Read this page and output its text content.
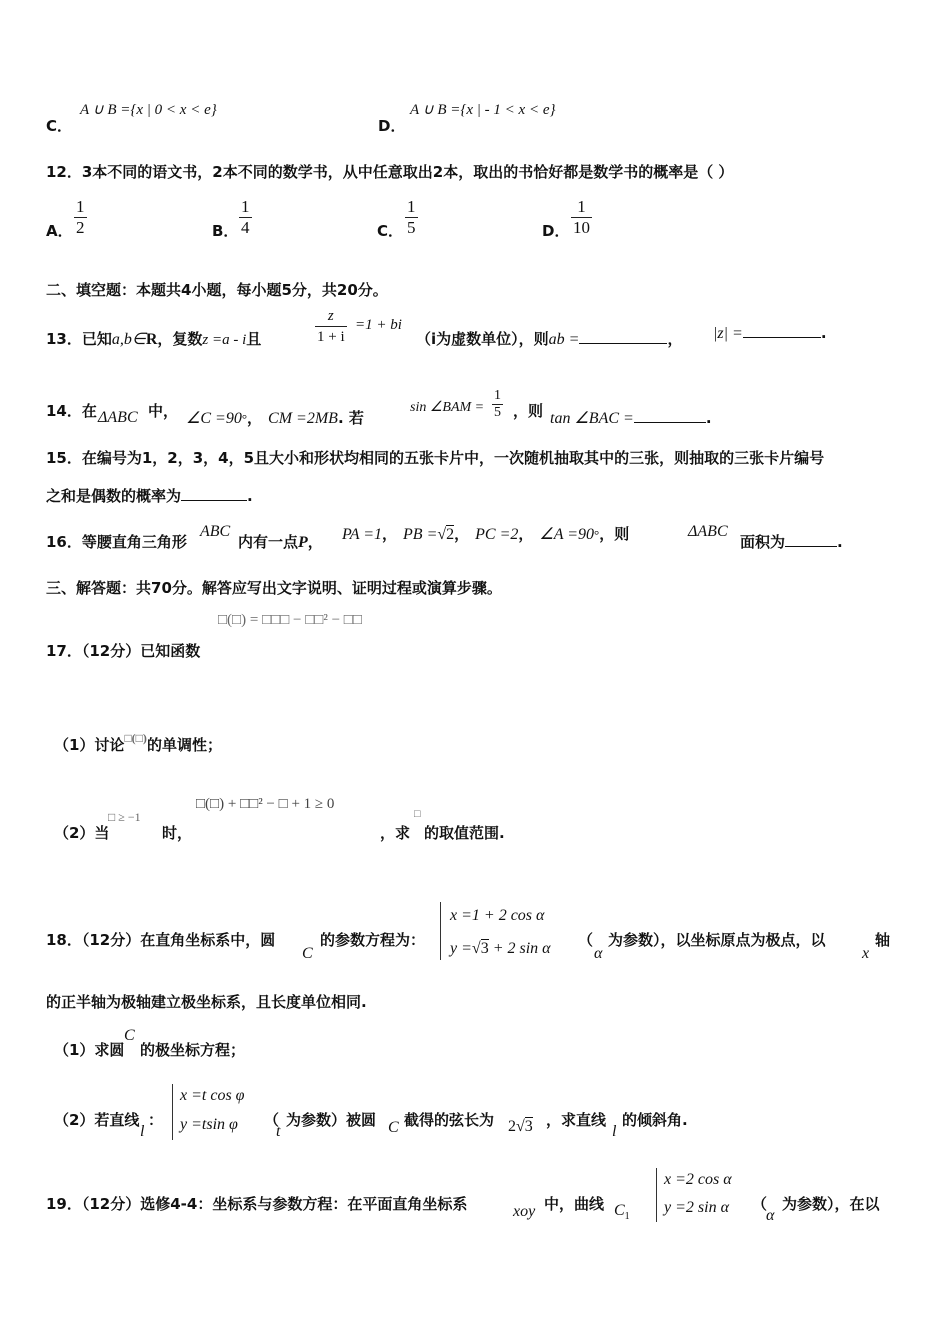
C．
A ∪ B ={x | 0 < x < e}
D．
A ∪ B ={x | - 1 < x < e}
12．3本不同的语文书，2本不同的数学书，从中任意取出2本，取出的书恰好都是数学书的概率是（ ）
A． $\frac{1}{2}$	B． $\frac{1}{4}$	C． $\frac{1}{5}$	D． $\frac{1}{10}$
二、填空题：本题共4小题，每小题5分，共20分。
13．已知a,b∈R，复数z =a - i且	$\frac{z}{1 + i} =1$ + bi
（i为虚数单位），则ab =	， |z| =	.
14．在 ΔABC 中， ∠C =90°， CM =2MB. 若
sin ∠BAM = $\frac{1}{5}$ ，则 tan ∠BAC =	.
15．在编号为1，2，3，4，5且大小和形状均相同的五张卡片中，一次随机抽取其中的三张，则抽取的三张卡片编号
之和是偶数的概率为	.
16．等腰直角三角形
ABC
内有一点P， PA =1， PB =√2， PC =2， ∠A =90°，则	ΔABC
面积为	.
三、解答题：共70分。解答应写出文字说明、证明过程或演算步骤。
□(□) = □□□ − □□² − □□
17．（12分）已知函数
（1）讨论□(□)的单调性；
（2）当
□ ≥ −1
时，
□(□) + □□² − □ + 1 ≥ 0
，求
□
的取值范围.
18．（12分）在直角坐标系中，圆
C
的参数方程为：
x =1 + 2 cos α
y =√3 + 2 sin α （
α
为参数），以坐标原点为极点，以
x
轴
的正半轴为极轴建立极坐标系，且长度单位相同.
（1）求圆
C
的极坐标方程；
（2）若直线
l
：
x =t cos φ
y =tsin φ （
t
为参数）被圆 C 截得的弦长为 2√3 ，求直线
l
的倾斜角.
19．（12分）选修4-4：坐标系与参数方程：在平面直角坐标系	xoy 中，曲线 $C_1$
x =2 cos α
y =2 sin α （
α
为参数），在以
